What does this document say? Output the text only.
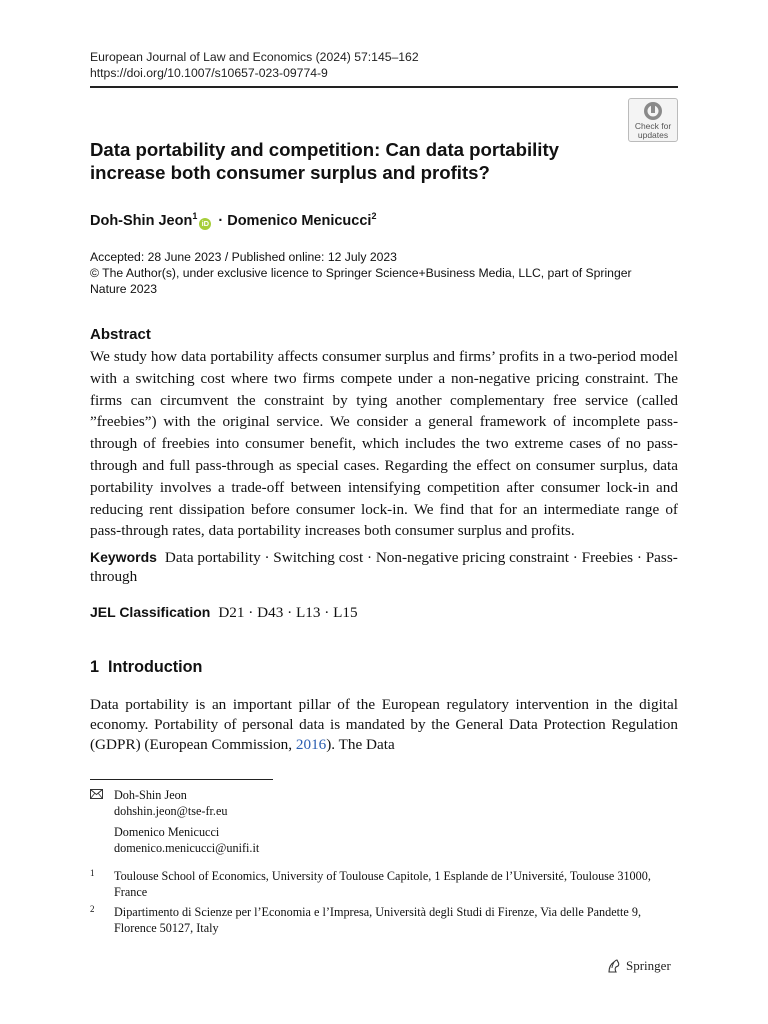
European Journal of Law and Economics (2024) 57:145–162
https://doi.org/10.1007/s10657-023-09774-9
Check for
updates
Data portability and competition: Can data portability increase both consumer surplus and profits?
Doh-Shin Jeon$^1$iD · Domenico Menicucci$^2$
Accepted: 28 June 2023 / Published online: 12 July 2023
© The Author(s), under exclusive licence to Springer Science+Business Media, LLC, part of Springer Nature 2023
Abstract
We study how data portability affects consumer surplus and firms’ profits in a two-period model with a switching cost where two firms compete under a non-negative pricing constraint. The firms can circumvent the constraint by tying another complementary free service (called ”freebies”) with the original service. We consider a general framework of incomplete pass-through of freebies into consumer benefit, which includes the two extreme cases of no pass-through and full pass-through as special cases. Regarding the effect on consumer surplus, data portability involves a trade-off between intensifying competition after consumer lock-in and reducing rent dissipation before consumer lock-in. We find that for an intermediate range of pass-through rates, data portability increases both consumer surplus and profits.
Keywords Data portability · Switching cost · Non-negative pricing constraint · Freebies · Pass-through
JEL Classification D21 · D43 · L13 · L15
1  Introduction
Data portability is an important pillar of the European regulatory intervention in the digital economy. Portability of personal data is mandated by the General Data Protection Regulation (GDPR) (European Commission, 2016). The Data
Doh-Shin Jeon
dohshin.jeon@tse-fr.eu
Domenico Menicucci
domenico.menicucci@unifi.it
1 Toulouse School of Economics, University of Toulouse Capitole, 1 Esplande de l’Université, Toulouse 31000, France
2 Dipartimento di Scienze per l’Economia e l’Impresa, Università degli Studi di Firenze, Via delle Pandette 9, Florence 50127, Italy
Springer
